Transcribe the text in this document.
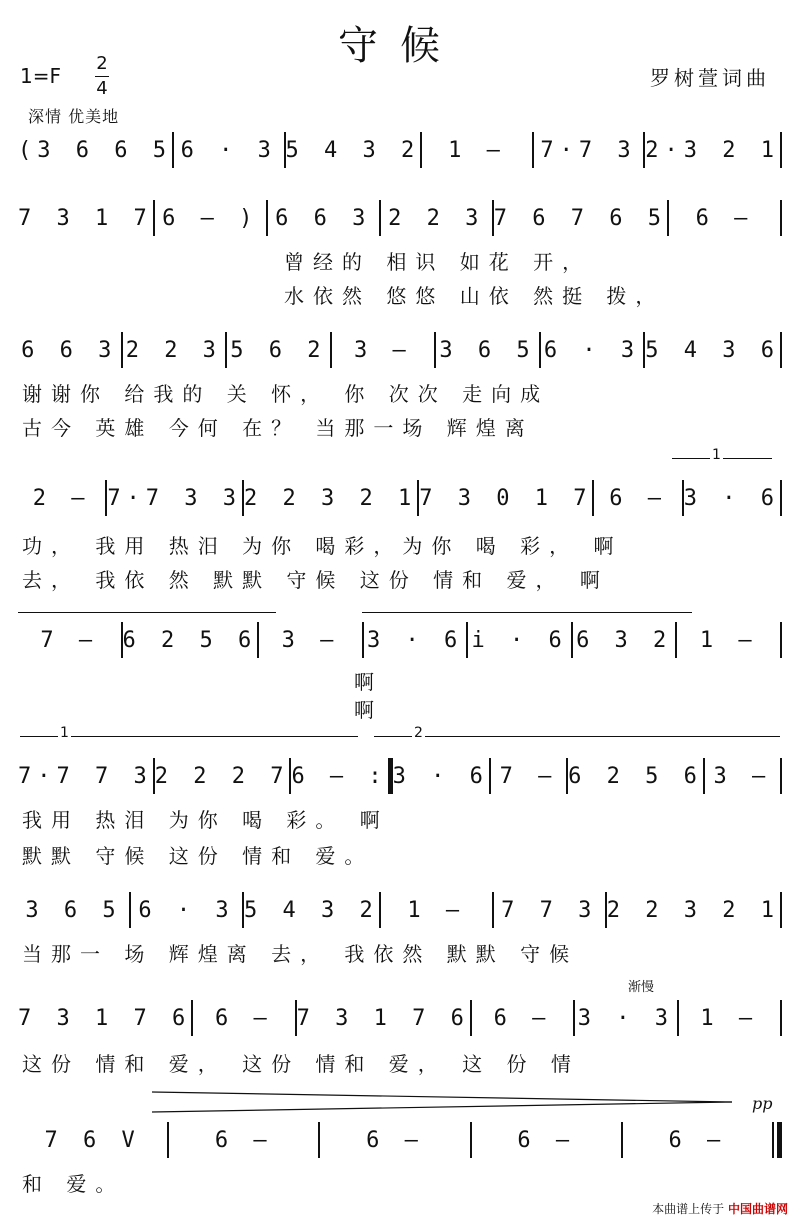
守候
1=F
2
4	罗树萱词曲
深情 优美地
(3 6 6 5 6 · 3 5 4 3 2	1 —	7·7 3 2·3 2 1
7 3 1 7 6 — ) 6 6 3 2 2 3 7 6 7 6 5	6 —
曾经的 相识 如花 开，
水依然 悠悠 山依 然挺 拨，
6 6 3 2 2 3 5 6 2	3 —	3 6 5 6 · 3 5 4 3 6
谢谢你 给我的 关 怀， 你 次次 走向成
古今 英雄 今何 在？ 当那一场 辉煌离
1
2 — 7·7 3 3 2 2 3 2 1 7 3 0 1 7 6 — 3 · 6
功， 我用 热汨 为你 喝彩，为你 喝 彩， 啊
去， 我依 然 默默 守候 这份 情和 爱， 啊
7 —	6 2 5 6	3 —	3 · 6 i · 6 6 3 2	1 —
啊
啊
1	2
7·7 7 3 2 2 2 7 6 — : 3 · 6 7 — 6 2 5 6 3 —
我用 热泪 为你 喝 彩。 啊
默默 守候 这份 情和 爱。
3 6 5 6 · 3 5 4 3 2	1 —	7 7 3 2 2 3 2 1
当那一 场 辉煌离 去， 我依然 默默 守候
渐慢
7 3 1 7 6	6 —	7 3 1 7 6	6 —	3 · 3	1 —
这份 情和 爱， 这份 情和 爱， 这 份 情
pp
7 6 V	6 —	6 —	6 —	6 —
和 爱。
本曲谱上传于 中国曲谱网
